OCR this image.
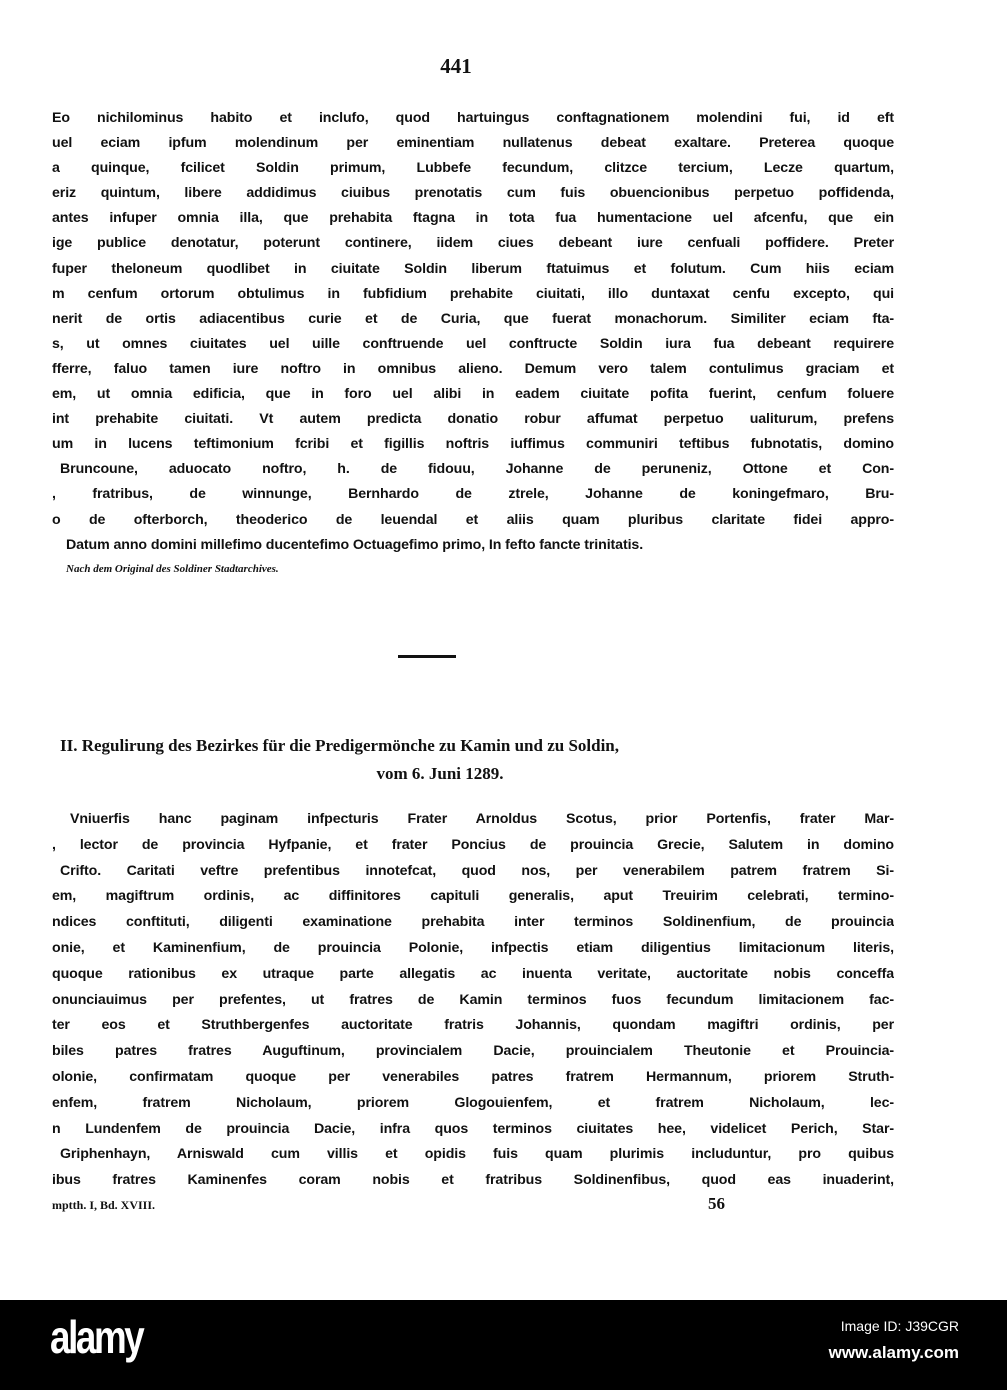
441
Eo nichilominus habito et inclufo, quod hartuingus conftagnationem molendini fui, id eft
uel eciam ipfum molendinum per eminentiam nullatenus debeat exaltare. Preterea quoque
a quinque, fcilicet Soldin primum, Lubbefe fecundum, clitzce tercium, Lecze quartum,
eriz quintum, libere addidimus ciuibus prenotatis cum fuis obuencionibus perpetuo poffidenda,
antes infuper omnia illa, que prehabita ftagna in tota fua humentacione uel afcenfu, que ein
ige publice denotatur, poterunt continere, iidem ciues debeant iure cenfuali poffidere. Preter
fuper theloneum quodlibet in ciuitate Soldin liberum ftatuimus et folutum. Cum hiis eciam
m cenfum ortorum obtulimus in fubfidium prehabite ciuitati, illo duntaxat cenfu excepto, qui
nerit de ortis adiacentibus curie et de Curia, que fuerat monachorum. Similiter eciam fta-
s, ut omnes ciuitates uel uille conftruende uel conftructe Soldin iura fua debeant requirere
fferre, faluo tamen iure noftro in omnibus alieno. Demum vero talem contulimus graciam et
em, ut omnia edificia, que in foro uel alibi in eadem ciuitate pofita fuerint, cenfum foluere
int prehabite ciuitati. Vt autem predicta donatio robur affumat perpetuo ualiturum, prefens
um in lucens teftimonium fcribi et figillis noftris iuffimus communiri teftibus fubnotatis, domino
Bruncoune, aduocato noftro, h. de fidouu, Johanne de peruneniz, Ottone et Con-
, fratribus, de winnunge, Bernhardo de ztrele, Johanne de koningefmaro, Bru-
o de ofterborch, theoderico de leuendal et aliis quam pluribus claritate fidei appro-
Datum anno domini millefimo ducentefimo Octuagefimo primo, In fefto fancte trinitatis.
Nach dem Original des Soldiner Stadtarchives.
II. Regulirung des Bezirkes für die Predigermönche zu Kamin und zu Soldin,
vom 6. Juni 1289.
Vniuerfis hanc paginam infpecturis Frater Arnoldus Scotus, prior Portenfis, frater Mar-
, lector de provincia Hyfpanie, et frater Poncius de prouincia Grecie, Salutem in domino
Crifto. Caritati veftre prefentibus innotefcat, quod nos, per venerabilem patrem fratrem Si-
em, magiftrum ordinis, ac diffinitores capituli generalis, aput Treuirim celebrati, termino-
ndices conftituti, diligenti examinatione prehabita inter terminos Soldinenfium, de prouincia
onie, et Kaminenfium, de prouincia Polonie, infpectis etiam diligentius limitacionum literis,
quoque rationibus ex utraque parte allegatis ac inuenta veritate, auctoritate nobis conceffa
onunciauimus per prefentes, ut fratres de Kamin terminos fuos fecundum limitacionem fac-
ter eos et Struthbergenfes auctoritate fratris Johannis, quondam magiftri ordinis, per
biles patres fratres Auguftinum, provincialem Dacie, prouincialem Theutonie et Prouincia-
olonie, confirmatam quoque per venerabiles patres fratrem Hermannum, priorem Struth-
enfem, fratrem Nicholaum, priorem Glogouienfem, et fratrem Nicholaum, lec-
n Lundenfem de prouincia Dacie, infra quos terminos ciuitates hee, videlicet Perich, Star-
Griphenhayn, Arniswald cum villis et opidis fuis quam plurimis includuntur, pro quibus
ibus fratres Kaminenfes coram nobis et fratribus Soldinenfibus, quod eas inuaderint,
mptth. I, Bd. XVIII.	56
alamy	Image ID: J39CGR
www.alamy.com
